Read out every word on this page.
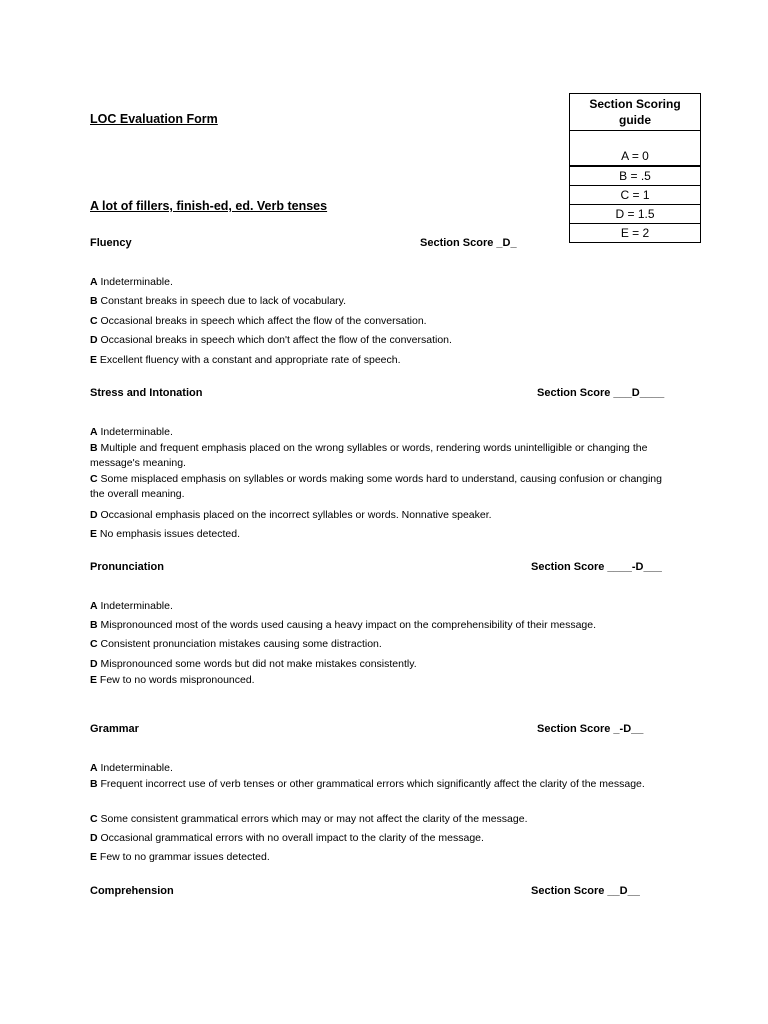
LOC Evaluation Form
Section Scoring
guide
A = 0
B = .5
C = 1
D = 1.5
E = 2
A lot of fillers, finish-ed, ed. Verb tenses
Fluency	Section Score _D_
A Indeterminable.
B Constant breaks in speech due to lack of vocabulary.
C Occasional breaks in speech which affect the flow of the conversation.
D Occasional breaks in speech which don't affect the flow of the conversation.
E Excellent fluency with a constant and appropriate rate of speech.
Stress and Intonation	Section Score ___D____
A Indeterminable.
B Multiple and frequent emphasis placed on the wrong syllables or words, rendering words unintelligible or changing the message's meaning.
C Some misplaced emphasis on syllables or words making some words hard to understand, causing confusion or changing the overall meaning.
D Occasional emphasis placed on the incorrect syllables or words. Nonnative speaker.
E No emphasis issues detected.
Pronunciation	Section Score ____-D___
A Indeterminable.
B Mispronounced most of the words used causing a heavy impact on the comprehensibility of their message.
C Consistent pronunciation mistakes causing some distraction.
D Mispronounced some words but did not make mistakes consistently.
E Few to no words mispronounced.
Grammar	Section Score _-D__
A Indeterminable.
B Frequent incorrect use of verb tenses or other grammatical errors which significantly affect the clarity of the message.
C Some consistent grammatical errors which may or may not affect the clarity of the message.
D Occasional grammatical errors with no overall impact to the clarity of the message.
E Few to no grammar issues detected.
Comprehension	Section Score __D__
